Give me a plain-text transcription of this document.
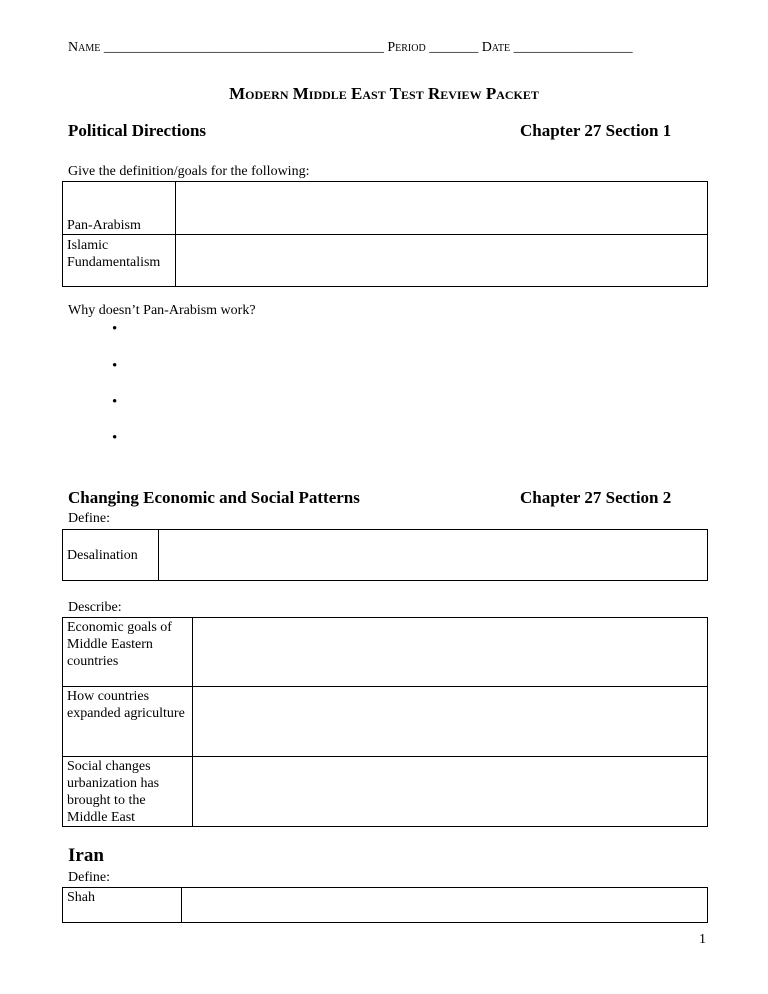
Name ________________________________________ Period _______ Date _________________
Modern Middle East Test Review Packet
Political Directions	Chapter 27 Section 1
Give the definition/goals for the following:
Pan-Arabism	

Islamic Fundamentalism	

Why doesn’t Pan-Arabism work?
•
•
•
•
Changing Economic and Social Patterns	Chapter 27 Section 2
Define:
Desalination

Describe:
Economic goals of Middle Eastern countries	

How countries expanded agriculture	

Social changes urbanization has brought to the Middle East	

Iran
Define:
Shah

1
